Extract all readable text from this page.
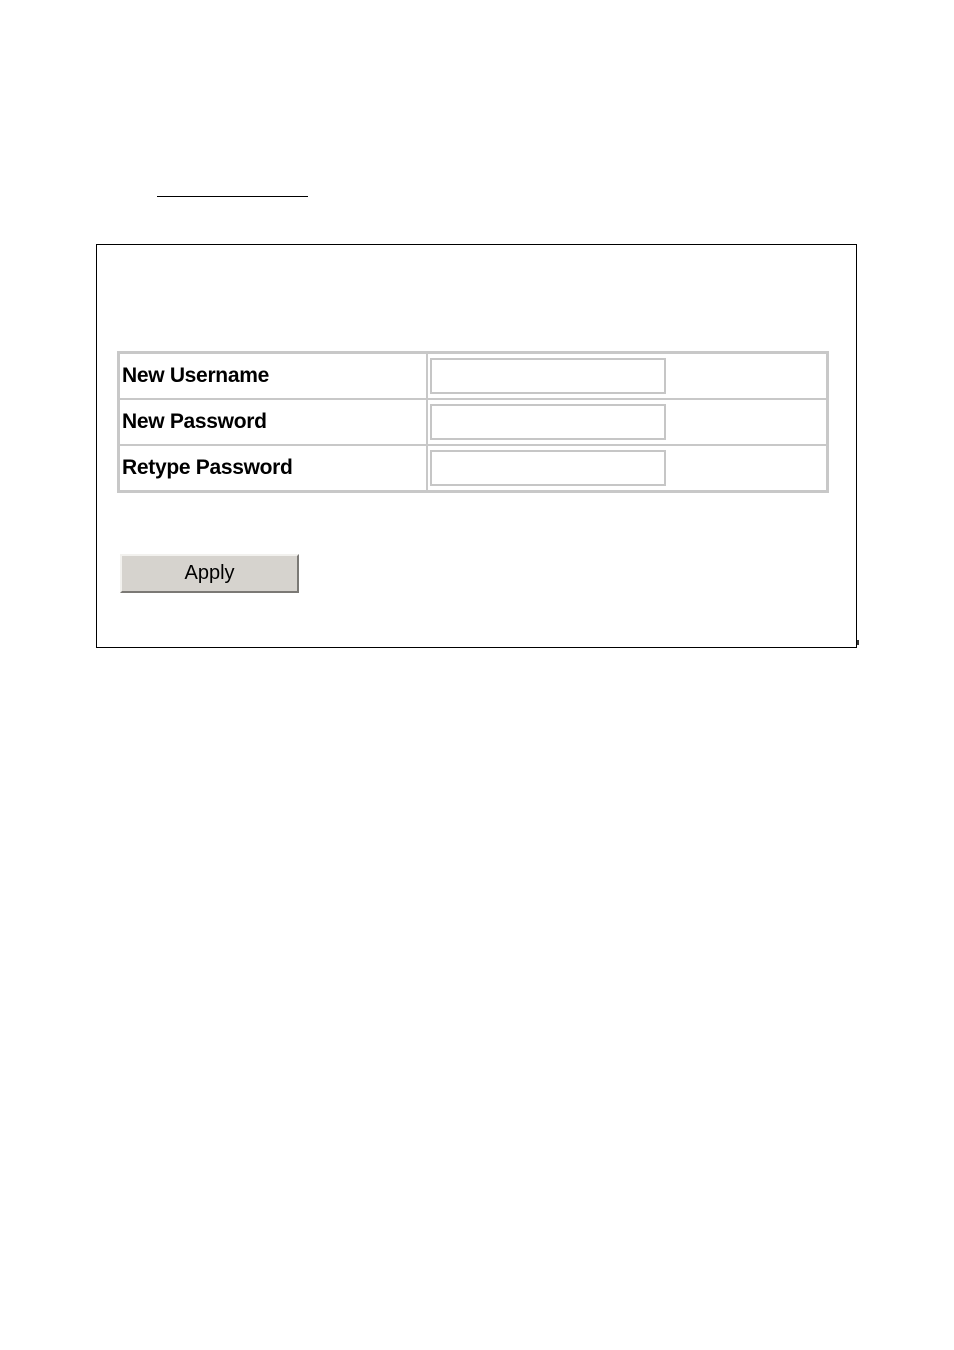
New Username	

New Password	

Retype Password	
Apply
